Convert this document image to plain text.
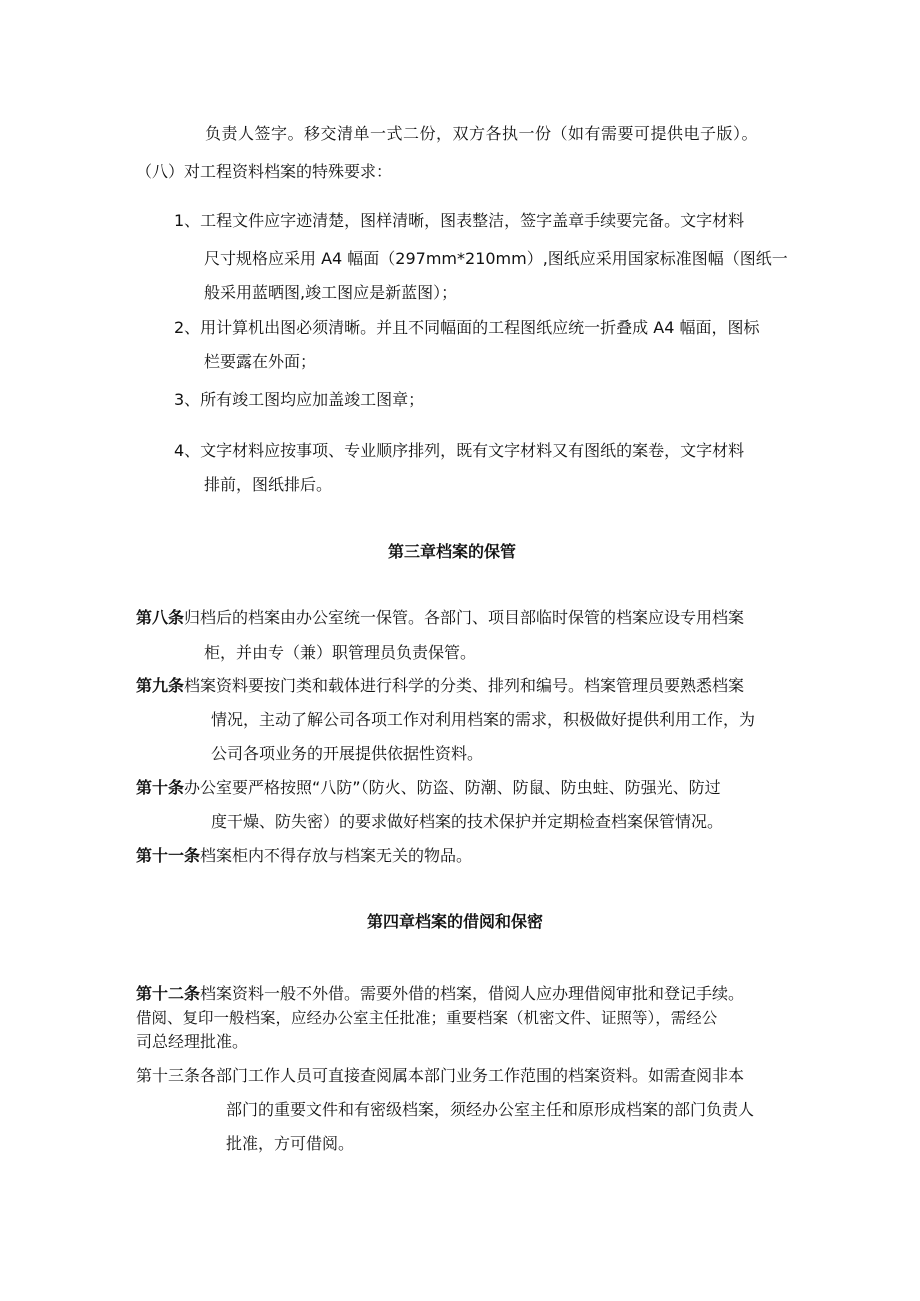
负责人签字。移交清单一式二份，双方各执一份（如有需要可提供电子版）。
（八）对工程资料档案的特殊要求：
1、工程文件应字迹清楚，图样清晰，图表整洁，签字盖章手续要完备。文字材料
尺寸规格应采用 A4 幅面（297mm*210mm）,图纸应采用国家标准图幅（图纸一
般采用蓝晒图,竣工图应是新蓝图）；
2、用计算机出图必须清晰。并且不同幅面的工程图纸应统一折叠成 A4 幅面，图标
栏要露在外面；
3、所有竣工图均应加盖竣工图章；
4、文字材料应按事项、专业顺序排列，既有文字材料又有图纸的案卷，文字材料
排前，图纸排后。
第三章档案的保管
第八条归档后的档案由办公室统一保管。各部门、项目部临时保管的档案应设专用档案
柜，并由专（兼）职管理员负责保管。
第九条档案资料要按门类和载体进行科学的分类、排列和编号。档案管理员要熟悉档案
情况，主动了解公司各项工作对利用档案的需求，积极做好提供利用工作，为
公司各项业务的开展提供依据性资料。
第十条办公室要严格按照“八防”（防火、防盗、防潮、防鼠、防虫蛀、防强光、防过
度干燥、防失密）的要求做好档案的技术保护并定期检查档案保管情况。
第十一条档案柜内不得存放与档案无关的物品。
第四章档案的借阅和保密
第十二条档案资料一般不外借。需要外借的档案，借阅人应办理借阅审批和登记手续。
借阅、复印一般档案，应经办公室主任批准；重要档案（机密文件、证照等），需经公
司总经理批准。
第十三条各部门工作人员可直接查阅属本部门业务工作范围的档案资料。如需查阅非本
部门的重要文件和有密级档案，须经办公室主任和原形成档案的部门负责人
批准，方可借阅。
